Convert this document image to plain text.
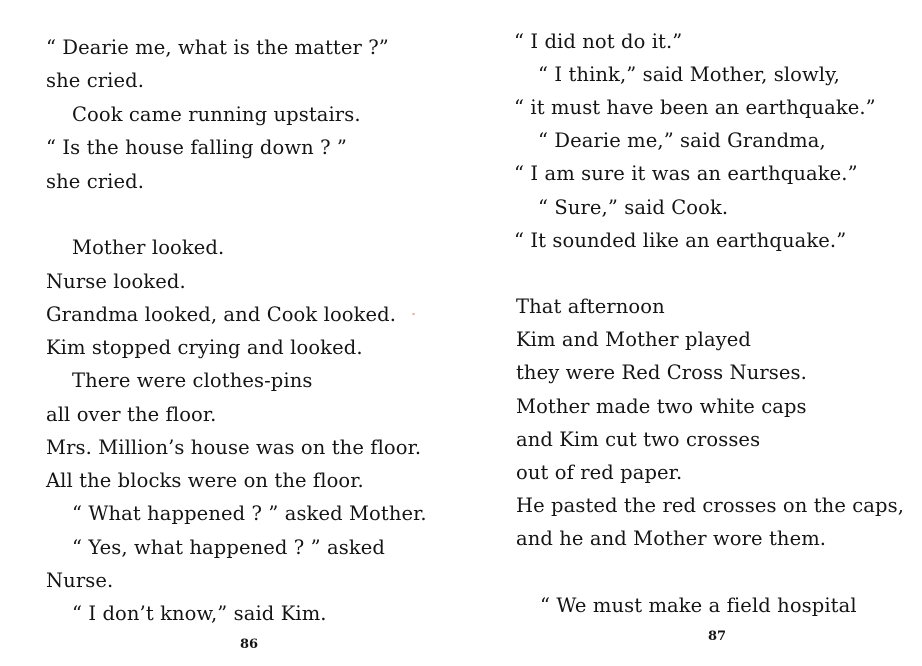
“ Dearie me, what is the matter ?”
she cried.
Cook came running upstairs.
“ Is the house falling down ? ”
she cried.
Mother looked.
Nurse looked.
Grandma looked, and Cook looked.
Kim stopped crying and looked.
There were clothes-pins
all over the floor.
Mrs. Million’s house was on the floor.
All the blocks were on the floor.
“ What happened ? ” asked Mother.
“ Yes, what happened ? ” asked
Nurse.
“ I don’t know,” said Kim.
86
“ I did not do it.”
“ I think,” said Mother, slowly,
“ it must have been an earthquake.”
“ Dearie me,” said Grandma,
“ I am sure it was an earthquake.”
“ Sure,” said Cook.
“ It sounded like an earthquake.”
That afternoon
Kim and Mother played
they were Red Cross Nurses.
Mother made two white caps
and Kim cut two crosses
out of red paper.
He pasted the red crosses on the caps,
and he and Mother wore them.
“ We must make a field hospital
87
